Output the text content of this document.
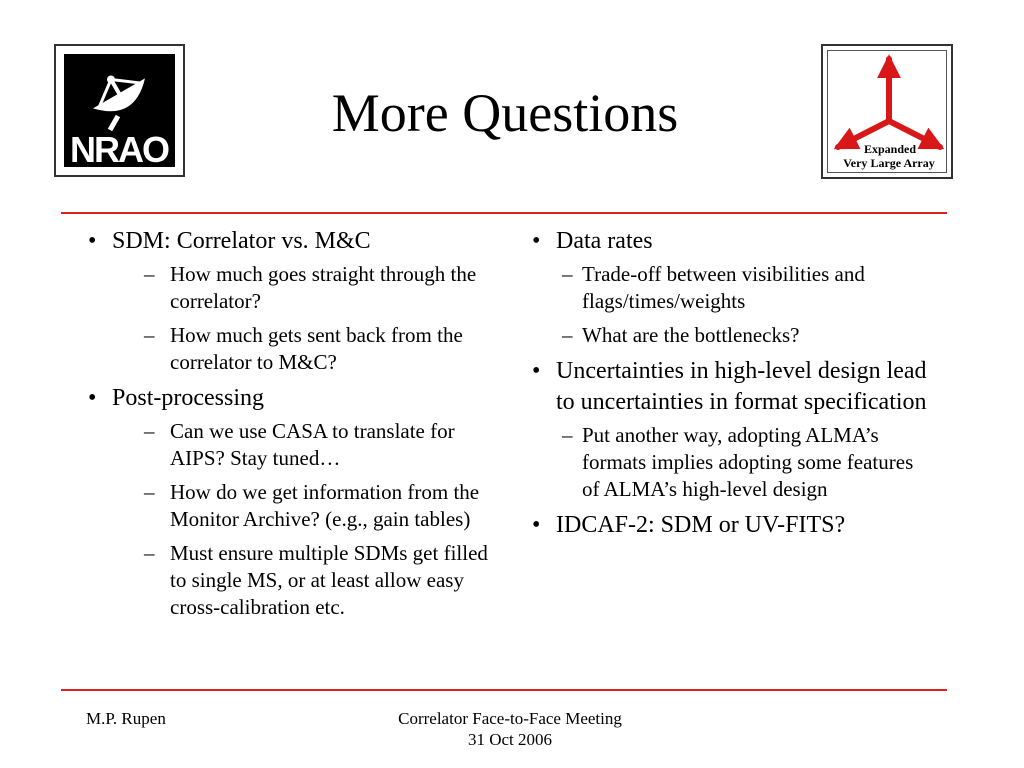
NRAO
More Questions
Expanded
Very Large Array
• SDM: Correlator vs. M&C
– How much goes straight through the correlator?
– How much gets sent back from the correlator to M&C?
• Post-processing
– Can we use CASA to translate for AIPS? Stay tuned…
– How do we get information from the Monitor Archive? (e.g., gain tables)
– Must ensure multiple SDMs get filled to single MS, or at least allow easy cross-calibration etc.
• Data rates
– Trade-off between visibilities and flags/times/weights
– What are the bottlenecks?
• Uncertainties in high-level design lead to uncertainties in format specification
– Put another way, adopting ALMA’s formats implies adopting some features of ALMA’s high-level design
• IDCAF-2: SDM or UV-FITS?
M.P. Rupen	Correlator Face-to-Face Meeting
31 Oct 2006
